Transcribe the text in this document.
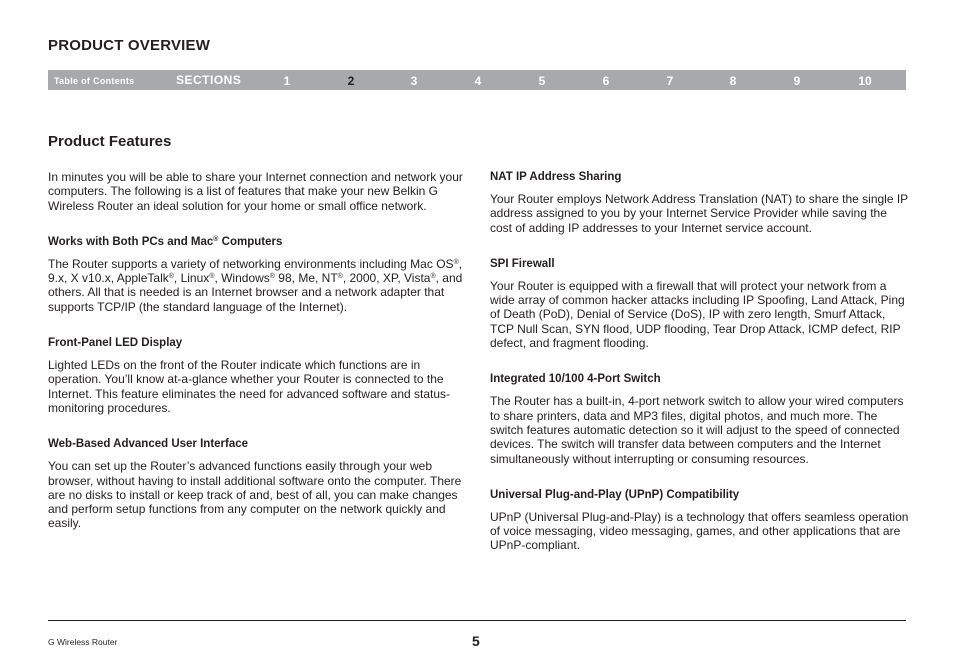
PRODUCT OVERVIEW
Table of Contents	SECTIONS	1	2	3	4	5	6	7	8	9	10
Product Features

In minutes you will be able to share your Internet connection and network your computers. The following is a list of features that make your new Belkin G Wireless Router an ideal solution for your home or small office network.

Works with Both PCs and Mac® Computers

The Router supports a variety of networking environments including Mac OS®, 9.x, X v10.x, AppleTalk®, Linux®, Windows® 98, Me, NT®, 2000, XP, Vista®, and others. All that is needed is an Internet browser and a network adapter that supports TCP/IP (the standard language of the Internet).

Front-Panel LED Display

Lighted LEDs on the front of the Router indicate which functions are in operation. You’ll know at-a-glance whether your Router is connected to the Internet. This feature eliminates the need for advanced software and status-monitoring procedures.

Web-Based Advanced User Interface

You can set up the Router’s advanced functions easily through your web browser, without having to install additional software onto the computer. There are no disks to install or keep track of and, best of all, you can make changes and perform setup functions from any computer on the network quickly and easily.

NAT IP Address Sharing

Your Router employs Network Address Translation (NAT) to share the single IP address assigned to you by your Internet Service Provider while saving the cost of adding IP addresses to your Internet service account.

SPI Firewall

Your Router is equipped with a firewall that will protect your network from a wide array of common hacker attacks including IP Spoofing, Land Attack, Ping of Death (PoD), Denial of Service (DoS), IP with zero length, Smurf Attack, TCP Null Scan, SYN flood, UDP flooding, Tear Drop Attack, ICMP defect, RIP defect, and fragment flooding.

Integrated 10/100 4-Port Switch

The Router has a built-in, 4-port network switch to allow your wired computers to share printers, data and MP3 files, digital photos, and much more. The switch features automatic detection so it will adjust to the speed of connected devices. The switch will transfer data between computers and the Internet simultaneously without interrupting or consuming resources.

Universal Plug-and-Play (UPnP) Compatibility

UPnP (Universal Plug-and-Play) is a technology that offers seamless operation of voice messaging, video messaging, games, and other applications that are UPnP-compliant.

G Wireless Router	5
